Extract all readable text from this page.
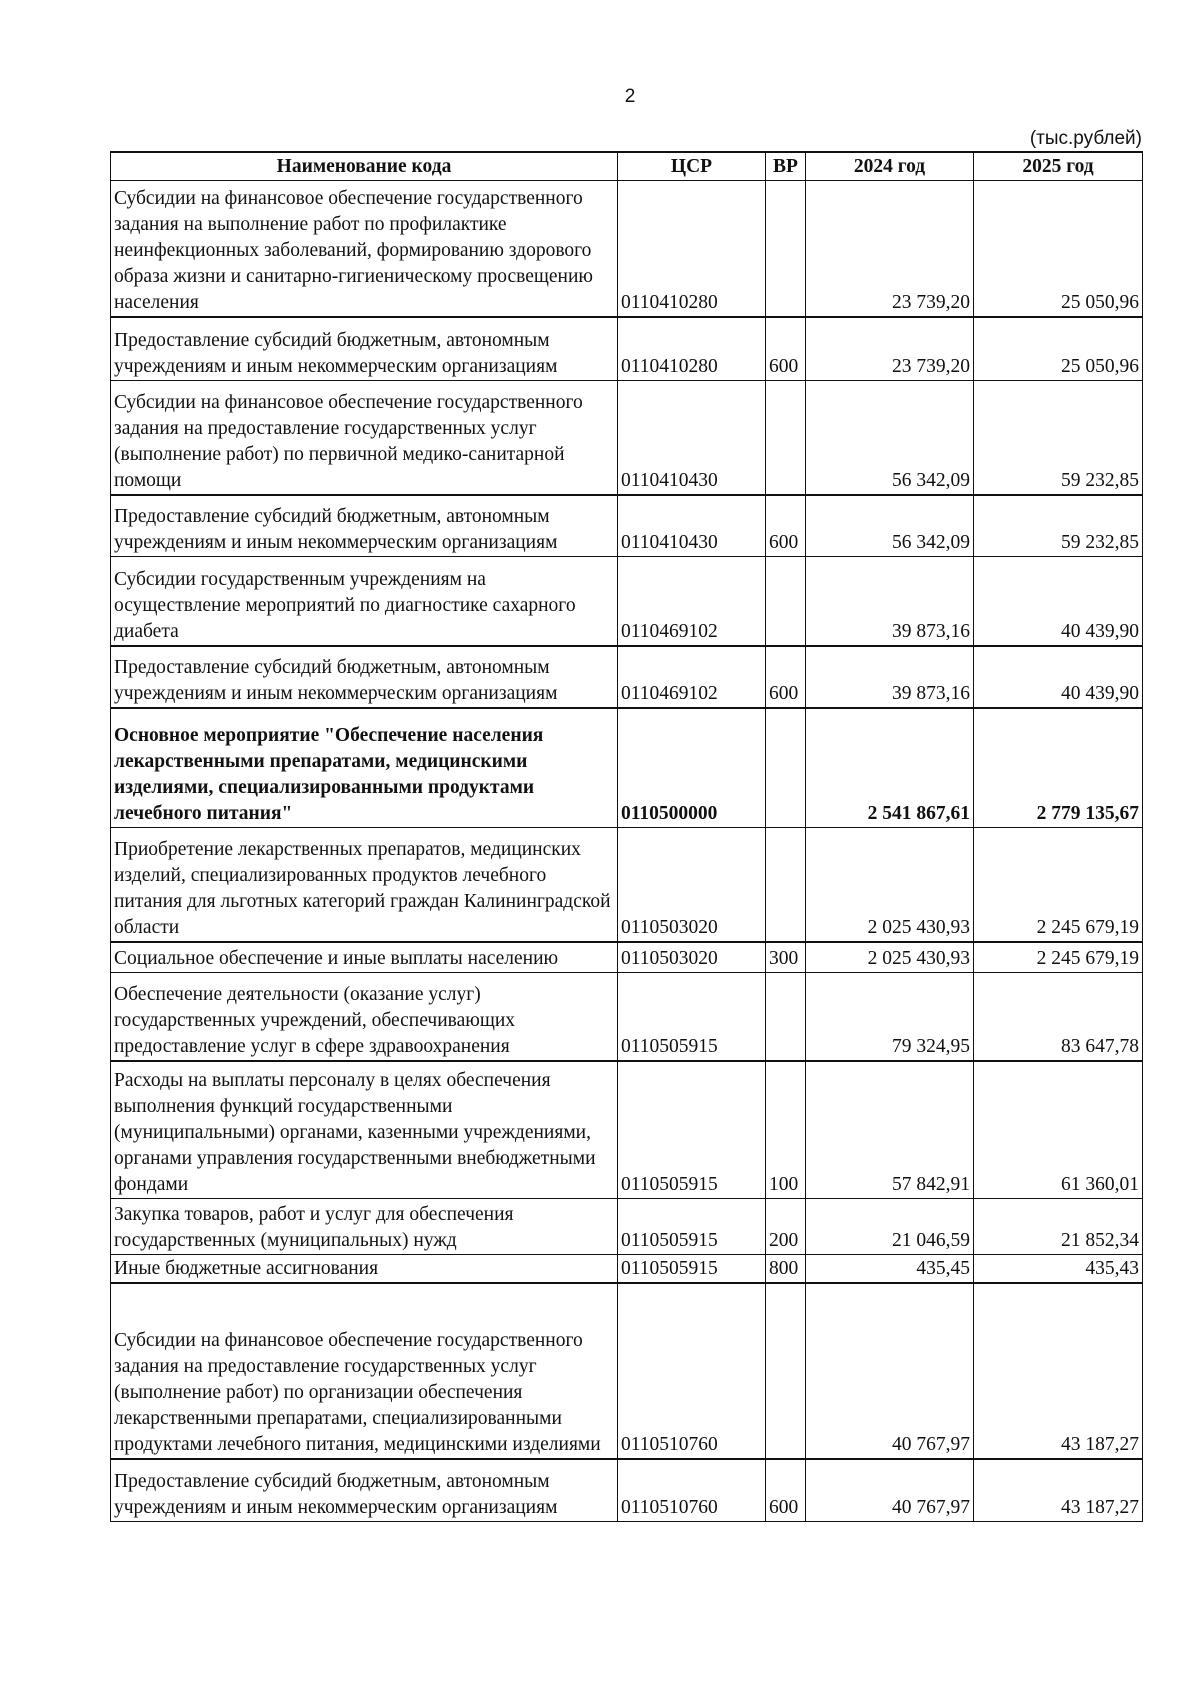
2
(тыс.рублей)
Наименование кода	ЦСР	ВР	2024 год	2025 год
Субсидии на финансовое обеспечение государственного задания на выполнение работ по профилактике неинфекционных заболеваний, формированию здорового образа жизни и санитарно-гигиеническому просвещению населения	0110410280		23 739,20	25 050,96
Предоставление субсидий бюджетным, автономным учреждениям и иным некоммерческим организациям	0110410280	600	23 739,20	25 050,96
Субсидии на финансовое обеспечение государственного задания на предоставление государственных услуг (выполнение работ) по первичной медико-санитарной помощи	0110410430		56 342,09	59 232,85
Предоставление субсидий бюджетным, автономным учреждениям и иным некоммерческим организациям	0110410430	600	56 342,09	59 232,85
Субсидии государственным учреждениям на осуществление мероприятий по диагностике сахарного диабета	0110469102		39 873,16	40 439,90
Предоставление субсидий бюджетным, автономным учреждениям и иным некоммерческим организациям	0110469102	600	39 873,16	40 439,90
Основное мероприятие "Обеспечение населения лекарственными препаратами, медицинскими изделиями, специализированными продуктами лечебного питания"	0110500000		2 541 867,61	2 779 135,67
Приобретение лекарственных препаратов, медицинских изделий, специализированных продуктов лечебного питания для льготных категорий граждан Калининградской области	0110503020		2 025 430,93	2 245 679,19
Социальное обеспечение и иные выплаты населению	0110503020	300	2 025 430,93	2 245 679,19
Обеспечение деятельности (оказание услуг) государственных учреждений, обеспечивающих предоставление услуг в сфере здравоохранения	0110505915		79 324,95	83 647,78
Расходы на выплаты персоналу в целях обеспечения выполнения функций государственными (муниципальными) органами, казенными учреждениями, органами управления государственными внебюджетными фондами	0110505915	100	57 842,91	61 360,01
Закупка товаров, работ и услуг для обеспечения государственных (муниципальных) нужд	0110505915	200	21 046,59	21 852,34
Иные бюджетные ассигнования	0110505915	800	435,45	435,43
Субсидии на финансовое обеспечение государственного задания на предоставление государственных услуг (выполнение работ) по организации обеспечения лекарственными препаратами, специализированными продуктами лечебного питания, медицинскими изделиями	0110510760		40 767,97	43 187,27
Предоставление субсидий бюджетным, автономным учреждениям и иным некоммерческим организациям	0110510760	600	40 767,97	43 187,27
